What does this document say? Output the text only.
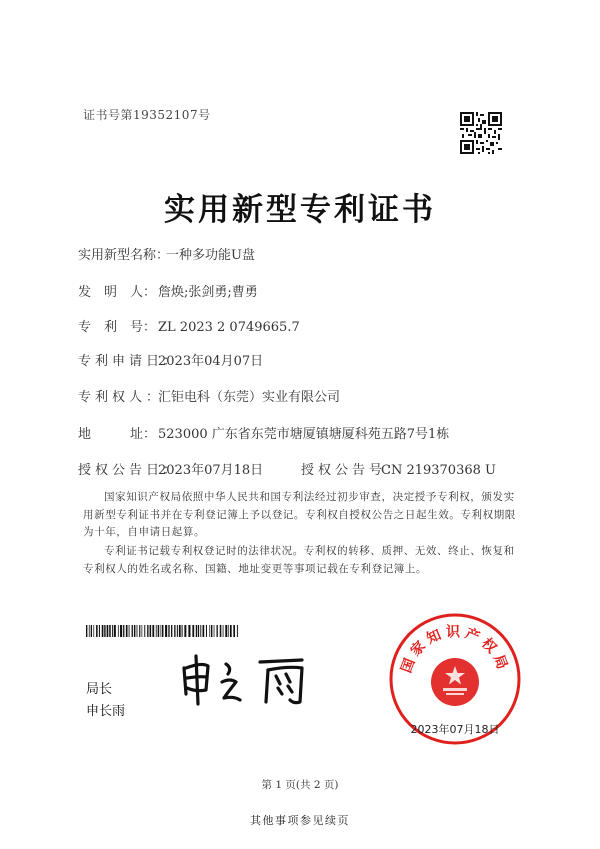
证书号第19352107号
实用新型专利证书
实用新型名称：一种多功能U盘
发　明　人： 詹焕;张剑勇;曹勇
专　利　号： ZL 2023 2 0749665.7
专利申请日：2023年04月07日
专利权人：汇钜电科（东莞）实业有限公司
地　　　址： 523000 广东省东莞市塘厦镇塘厦科苑五路7号1栋
授权公告日：2023年07月18日	授权公告号：CN 219370368 U
国家知识产权局依照中华人民共和国专利法经过初步审查，决定授予专利权，颁发实用新型专利证书并在专利登记簿上予以登记。专利权自授权公告之日起生效。专利权期限为十年，自申请日起算。
专利证书记载专利权登记时的法律状况。专利权的转移、质押、无效、终止、恢复和专利权人的姓名或名称、国籍、地址变更等事项记载在专利登记簿上。
局长
申长雨
国家知识产权局
2023年07月18日
第 1 页(共 2 页)
其他事项参见续页
